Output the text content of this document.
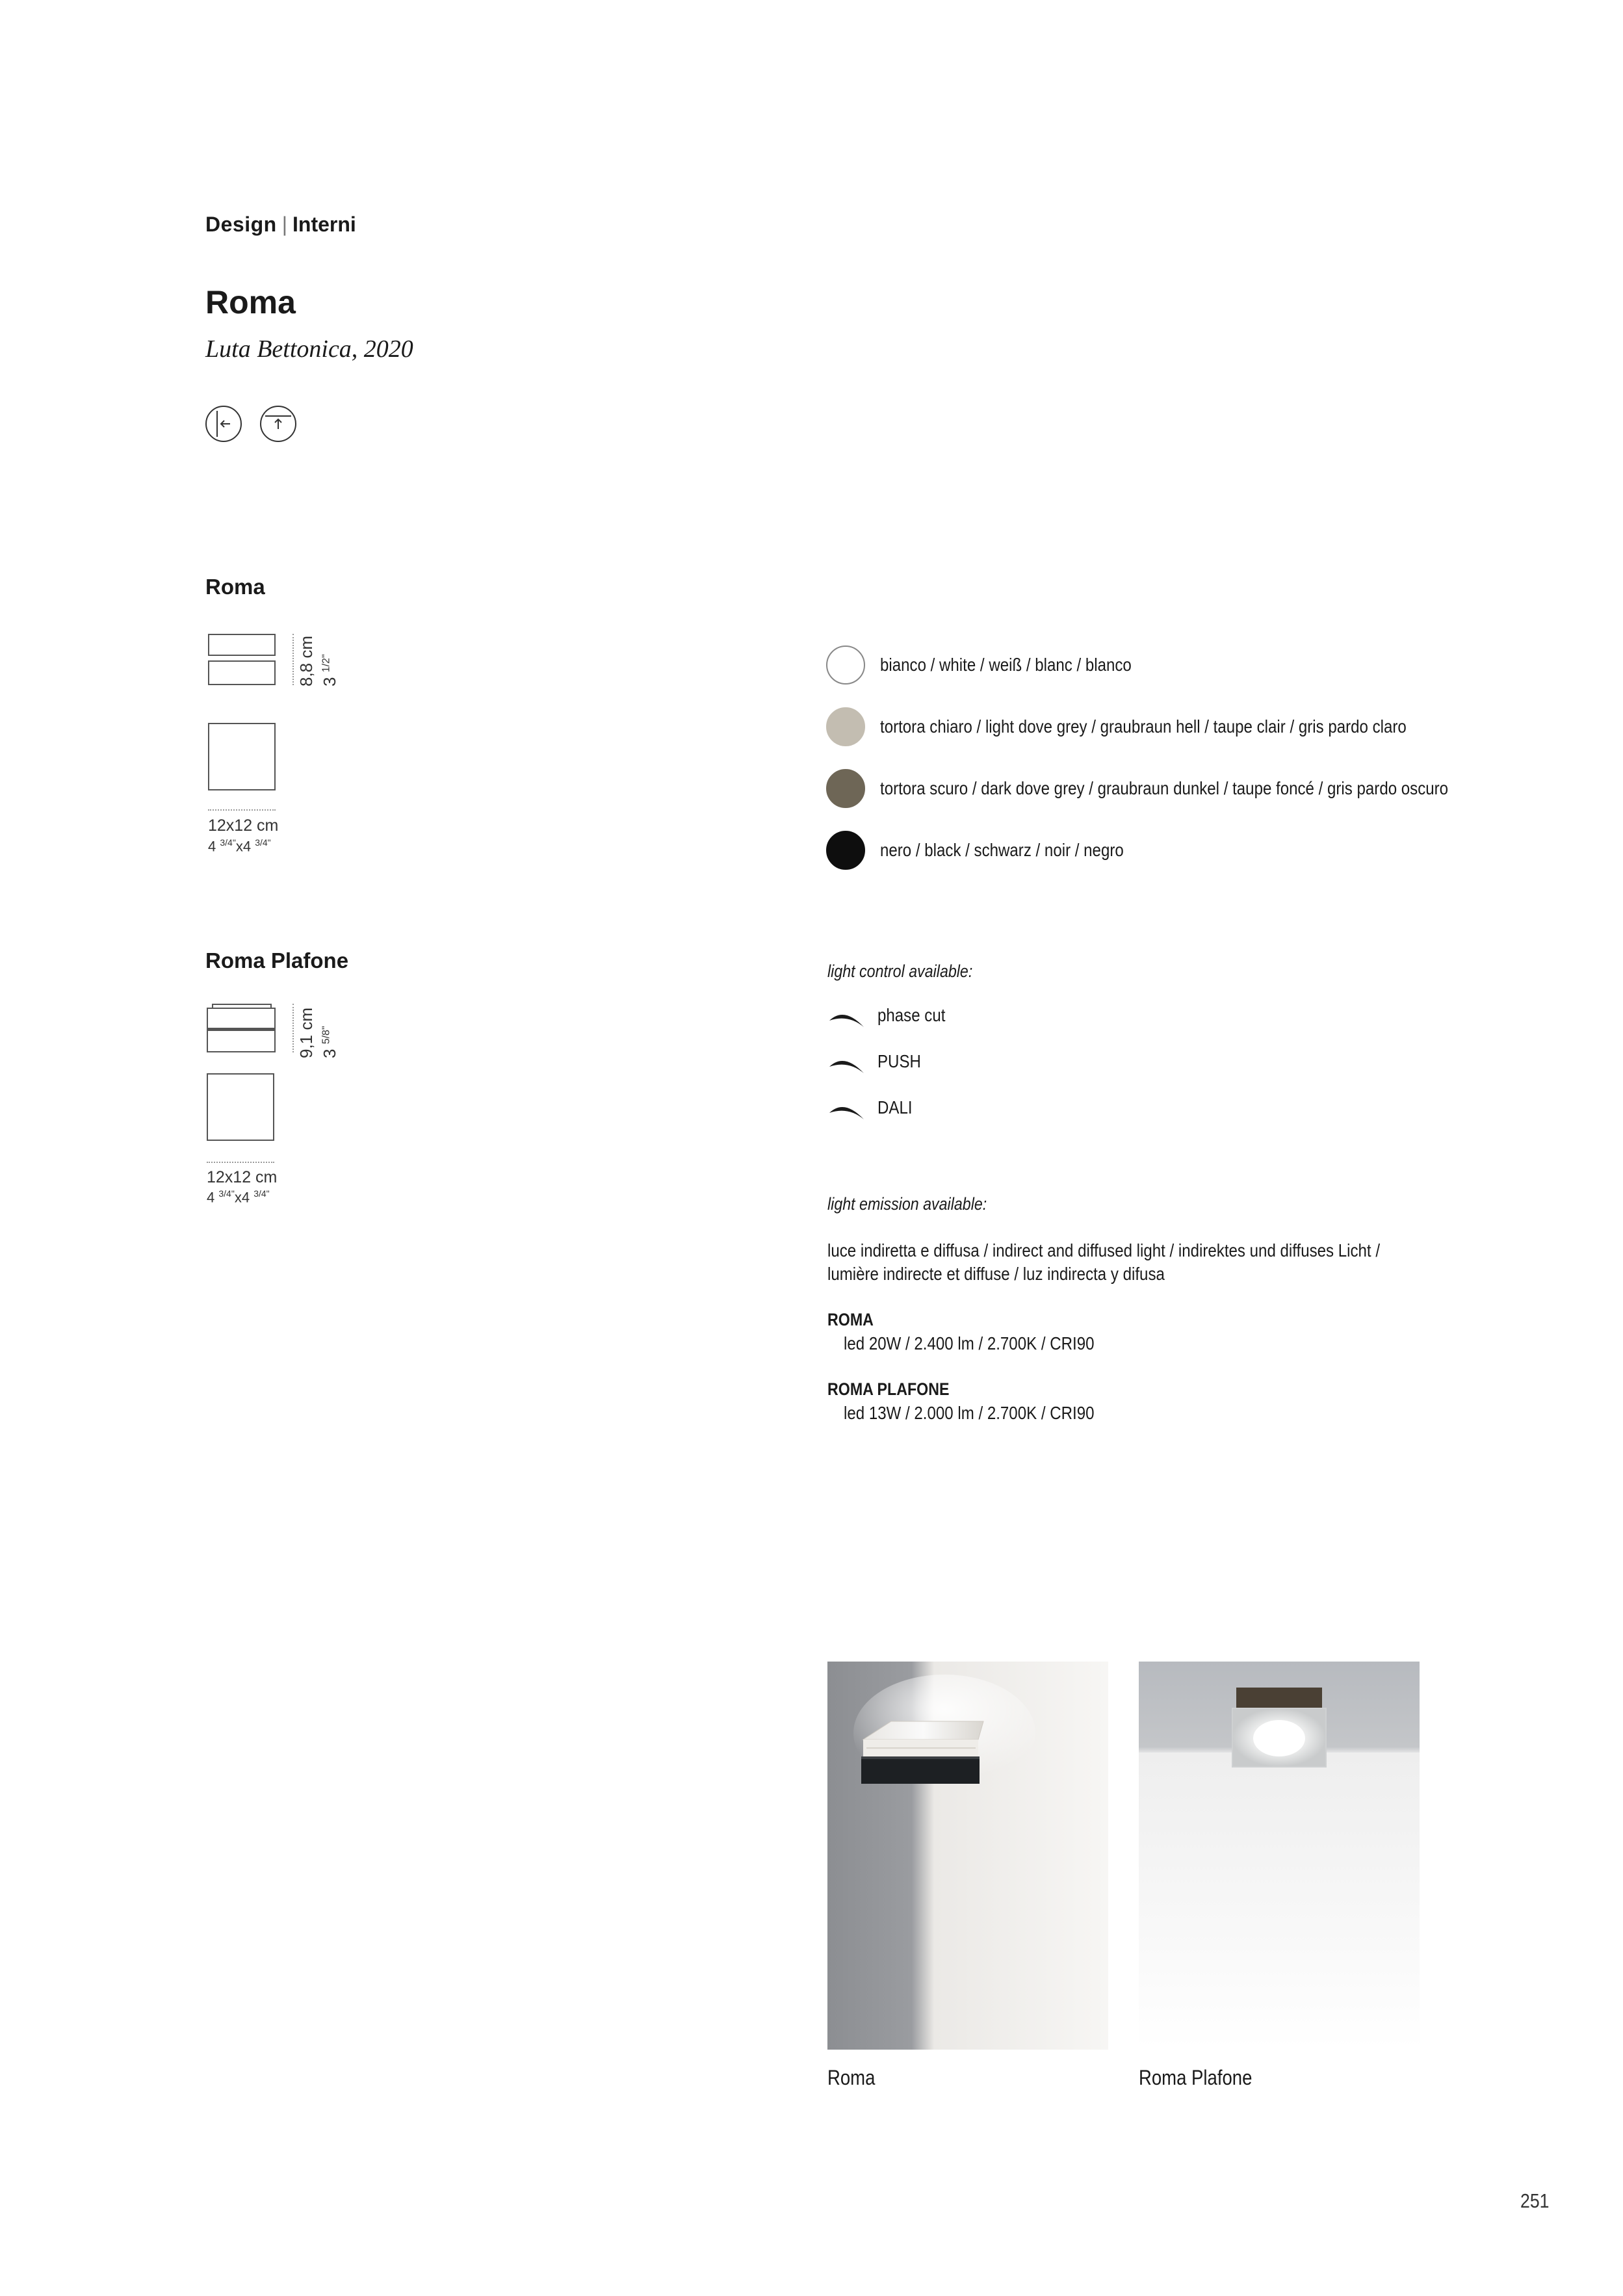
Design | Interni
Roma
Luta Bettonica, 2020
Roma
8,8 cm 3 $^{1/2"}$
12x12 cm
4 $^{3/4"}$x4 $^{3/4"}$
Roma Plafone
9,1 cm 3 $^{5/8"}$
12x12 cm
4 $^{3/4"}$x4 $^{3/4"}$
bianco / white / weiß / blanc / blanco
tortora chiaro / light dove grey / graubraun hell / taupe clair / gris pardo claro
tortora scuro / dark dove grey / graubraun dunkel / taupe foncé / gris pardo oscuro
nero / black / schwarz / noir / negro
light control available:
phase cut
PUSH
DALI
light emission available:
luce indiretta e diffusa / indirect and diffused light / indirektes und diffuses Licht /
lumière indirecte et diffuse / luz indirecta y difusa
ROMA
led 20W / 2.400 lm / 2.700K / CRI90
ROMA PLAFONE
led 13W / 2.000 lm / 2.700K / CRI90
Roma	Roma Plafone
251
